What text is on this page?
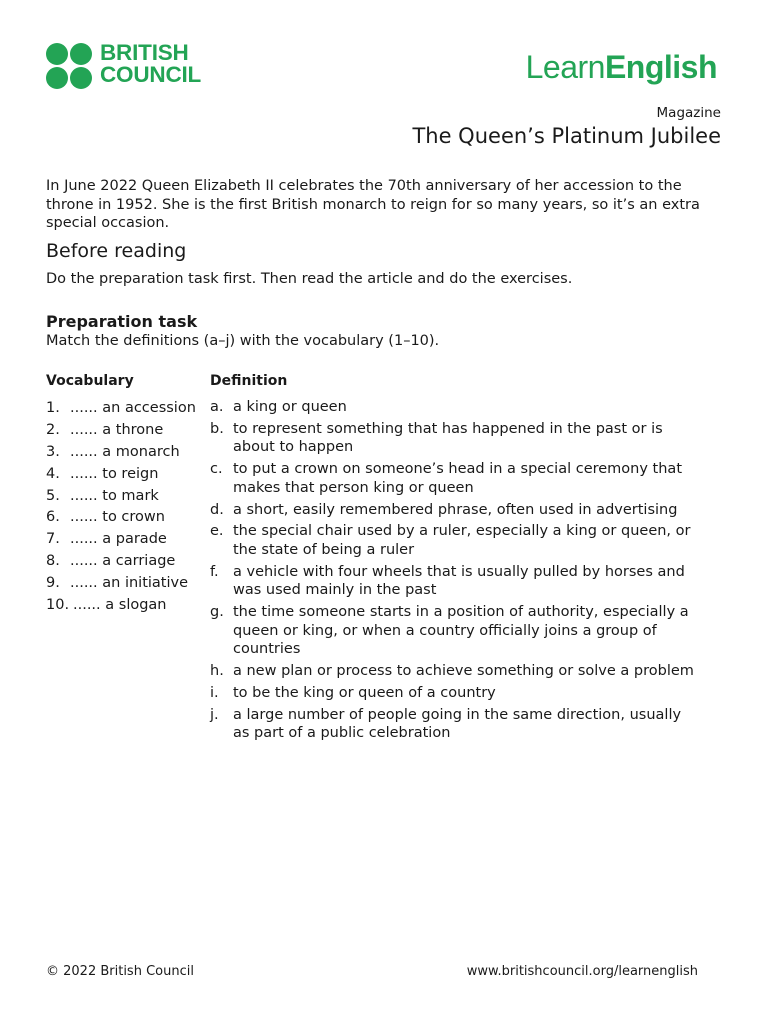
BRITISH
COUNCIL	LearnEnglish
Magazine
The Queen’s Platinum Jubilee

In June 2022 Queen Elizabeth II celebrates the 70th anniversary of her accession to the throne in 1952. She is the first British monarch to reign for so many years, so it’s an extra special occasion.

Before reading

Do the preparation task first. Then read the article and do the exercises.

Preparation task

Match the definitions (a–j) with the vocabulary (1–10).

Vocabulary	Definition
1. ...... an accession
2. ...... a throne
3. ...... a monarch
4. ...... to reign
5. ...... to mark
6. ...... to crown
7. ...... a parade
8. ...... a carriage
9. ...... an initiative
10. ...... a slogan
a. a king or queen
b. to represent something that has happened in the past or is about to happen
c. to put a crown on someone’s head in a special ceremony that makes that person king or queen
d. a short, easily remembered phrase, often used in advertising
e. the special chair used by a ruler, especially a king or queen, or the state of being a ruler
f. a vehicle with four wheels that is usually pulled by horses and was used mainly in the past
g. the time someone starts in a position of authority, especially a queen or king, or when a country officially joins a group of countries
h. a new plan or process to achieve something or solve a problem
i. to be the king or queen of a country
j. a large number of people going in the same direction, usually as part of a public celebration
© 2022 British Council	www.britishcouncil.org/learnenglish
